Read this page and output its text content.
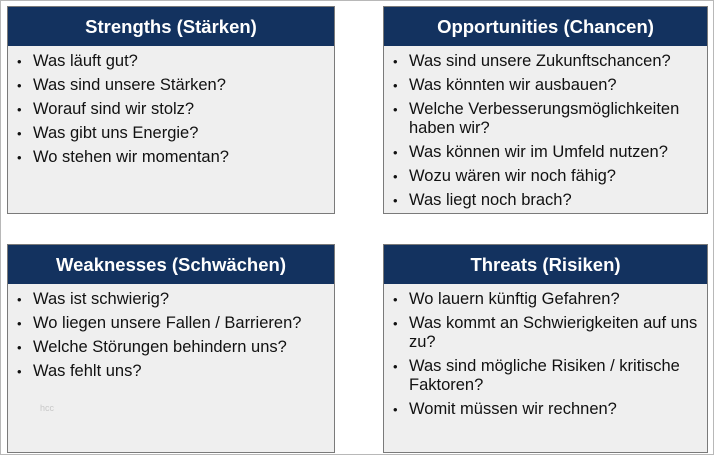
Strengths (Stärken)
• Was läuft gut?
• Was sind unsere Stärken?
• Worauf sind wir stolz?
• Was gibt uns Energie?
• Wo stehen wir momentan?
Opportunities (Chancen)
• Was sind unsere Zukunftschancen?
• Was könnten wir ausbauen?
• Welche Verbesserungsmöglichkeiten haben wir?
• Was können wir im Umfeld nutzen?
• Wozu wären wir noch fähig?
• Was liegt noch brach?
Weaknesses (Schwächen)
• Was ist schwierig?
• Wo liegen unsere Fallen / Barrieren?
• Welche Störungen behindern uns?
• Was fehlt uns?
hcc
Threats (Risiken)
• Wo lauern künftig Gefahren?
• Was kommt an Schwierigkeiten auf uns zu?
• Was sind mögliche Risiken / kritische Faktoren?
• Womit müssen wir rechnen?
